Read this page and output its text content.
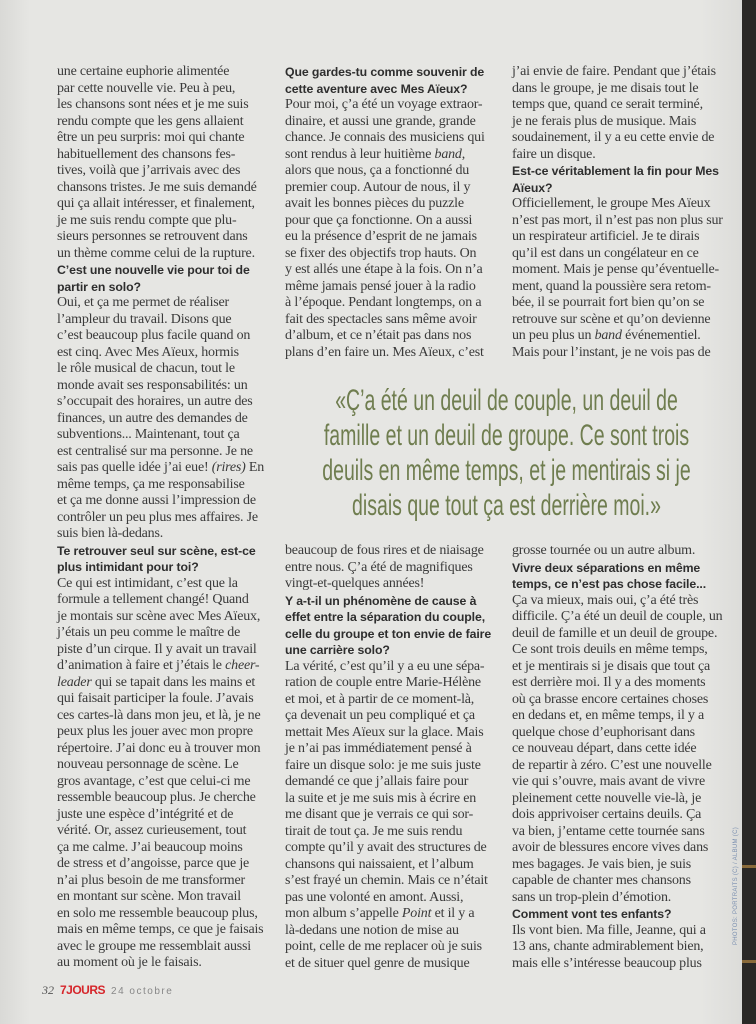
une certaine euphorie alimentée
par cette nouvelle vie. Peu à peu,
les chansons sont nées et je me suis
rendu compte que les gens allaient
être un peu surpris: moi qui chante
habituellement des chansons fes-
tives, voilà que j’arrivais avec des
chansons tristes. Je me suis demandé
qui ça allait intéresser, et finalement,
je me suis rendu compte que plu-
sieurs personnes se retrouvent dans
un thème comme celui de la rupture.
C’est une nouvelle vie pour toi de
partir en solo?
Oui, et ça me permet de réaliser
l’ampleur du travail. Disons que
c’est beaucoup plus facile quand on
est cinq. Avec Mes Aïeux, hormis
le rôle musical de chacun, tout le
monde avait ses responsabilités: un
s’occupait des horaires, un autre des
finances, un autre des demandes de
subventions... Maintenant, tout ça
est centralisé sur ma personne. Je ne
sais pas quelle idée j’ai eue! (rires) En
même temps, ça me responsabilise
et ça me donne aussi l’impression de
contrôler un peu plus mes affaires. Je
suis bien là-dedans.
Te retrouver seul sur scène, est-ce
plus intimidant pour toi?
Ce qui est intimidant, c’est que la
formule a tellement changé! Quand
je montais sur scène avec Mes Aïeux,
j’étais un peu comme le maître de
piste d’un cirque. Il y avait un travail
d’animation à faire et j’étais le cheer-
leader qui se tapait dans les mains et
qui faisait participer la foule. J’avais
ces cartes-là dans mon jeu, et là, je ne
peux plus les jouer avec mon propre
répertoire. J’ai donc eu à trouver mon
nouveau personnage de scène. Le
gros avantage, c’est que celui-ci me
ressemble beaucoup plus. Je cherche
juste une espèce d’intégrité et de
vérité. Or, assez curieusement, tout
ça me calme. J’ai beaucoup moins
de stress et d’angoisse, parce que je
n’ai plus besoin de me transformer
en montant sur scène. Mon travail
en solo me ressemble beaucoup plus,
mais en même temps, ce que je faisais
avec le groupe me ressemblait aussi
au moment où je le faisais.
Que gardes-tu comme souvenir de
cette aventure avec Mes Aïeux?
Pour moi, ç’a été un voyage extraor-
dinaire, et aussi une grande, grande
chance. Je connais des musiciens qui
sont rendus à leur huitième band,
alors que nous, ça a fonctionné du
premier coup. Autour de nous, il y
avait les bonnes pièces du puzzle
pour que ça fonctionne. On a aussi
eu la présence d’esprit de ne jamais
se fixer des objectifs trop hauts. On
y est allés une étape à la fois. On n’a
même jamais pensé jouer à la radio
à l’époque. Pendant longtemps, on a
fait des spectacles sans même avoir
d’album, et ce n’était pas dans nos
plans d’en faire un. Mes Aïeux, c’est
j’ai envie de faire. Pendant que j’étais
dans le groupe, je me disais tout le
temps que, quand ce serait terminé,
je ne ferais plus de musique. Mais
soudainement, il y a eu cette envie de
faire un disque.
Est-ce véritablement la fin pour Mes
Aïeux?
Officiellement, le groupe Mes Aïeux
n’est pas mort, il n’est pas non plus sur
un respirateur artificiel. Je te dirais
qu’il est dans un congélateur en ce
moment. Mais je pense qu’éventuelle-
ment, quand la poussière sera retom-
bée, il se pourrait fort bien qu’on se
retrouve sur scène et qu’on devienne
un peu plus un band événementiel.
Mais pour l’instant, je ne vois pas de
«Ç’a été un deuil de couple, un deuil de
famille et un deuil de groupe. Ce sont trois
deuils en même temps, et je mentirais si je
disais que tout ça est derrière moi.»
beaucoup de fous rires et de niaisage
entre nous. Ç’a été de magnifiques
vingt-et-quelques années!
Y a-t-il un phénomène de cause à
effet entre la séparation du couple,
celle du groupe et ton envie de faire
une carrière solo?
La vérité, c’est qu’il y a eu une sépa-
ration de couple entre Marie-Hélène
et moi, et à partir de ce moment-là,
ça devenait un peu compliqué et ça
mettait Mes Aïeux sur la glace. Mais
je n’ai pas immédiatement pensé à
faire un disque solo: je me suis juste
demandé ce que j’allais faire pour
la suite et je me suis mis à écrire en
me disant que je verrais ce qui sor-
tirait de tout ça. Je me suis rendu
compte qu’il y avait des structures de
chansons qui naissaient, et l’album
s’est frayé un chemin. Mais ce n’était
pas une volonté en amont. Aussi,
mon album s’appelle Point et il y a
là-dedans une notion de mise au
point, celle de me replacer où je suis
et de situer quel genre de musique
grosse tournée ou un autre album.
Vivre deux séparations en même
temps, ce n’est pas chose facile...
Ça va mieux, mais oui, ç’a été très
difficile. Ç’a été un deuil de couple, un
deuil de famille et un deuil de groupe.
Ce sont trois deuils en même temps,
et je mentirais si je disais que tout ça
est derrière moi. Il y a des moments
où ça brasse encore certaines choses
en dedans et, en même temps, il y a
quelque chose d’euphorisant dans
ce nouveau départ, dans cette idée
de repartir à zéro. C’est une nouvelle
vie qui s’ouvre, mais avant de vivre
pleinement cette nouvelle vie-là, je
dois apprivoiser certains deuils. Ça
va bien, j’entame cette tournée sans
avoir de blessures encore vives dans
mes bagages. Je vais bien, je suis
capable de chanter mes chansons
sans un trop-plein d’émotion.
Comment vont tes enfants?
Ils vont bien. Ma fille, Jeanne, qui a
13 ans, chante admirablement bien,
mais elle s’intéresse beaucoup plus
32 7JOURS 24 octobre
PHOTOS: PORTRAITS (C) / ALBUM (C)
